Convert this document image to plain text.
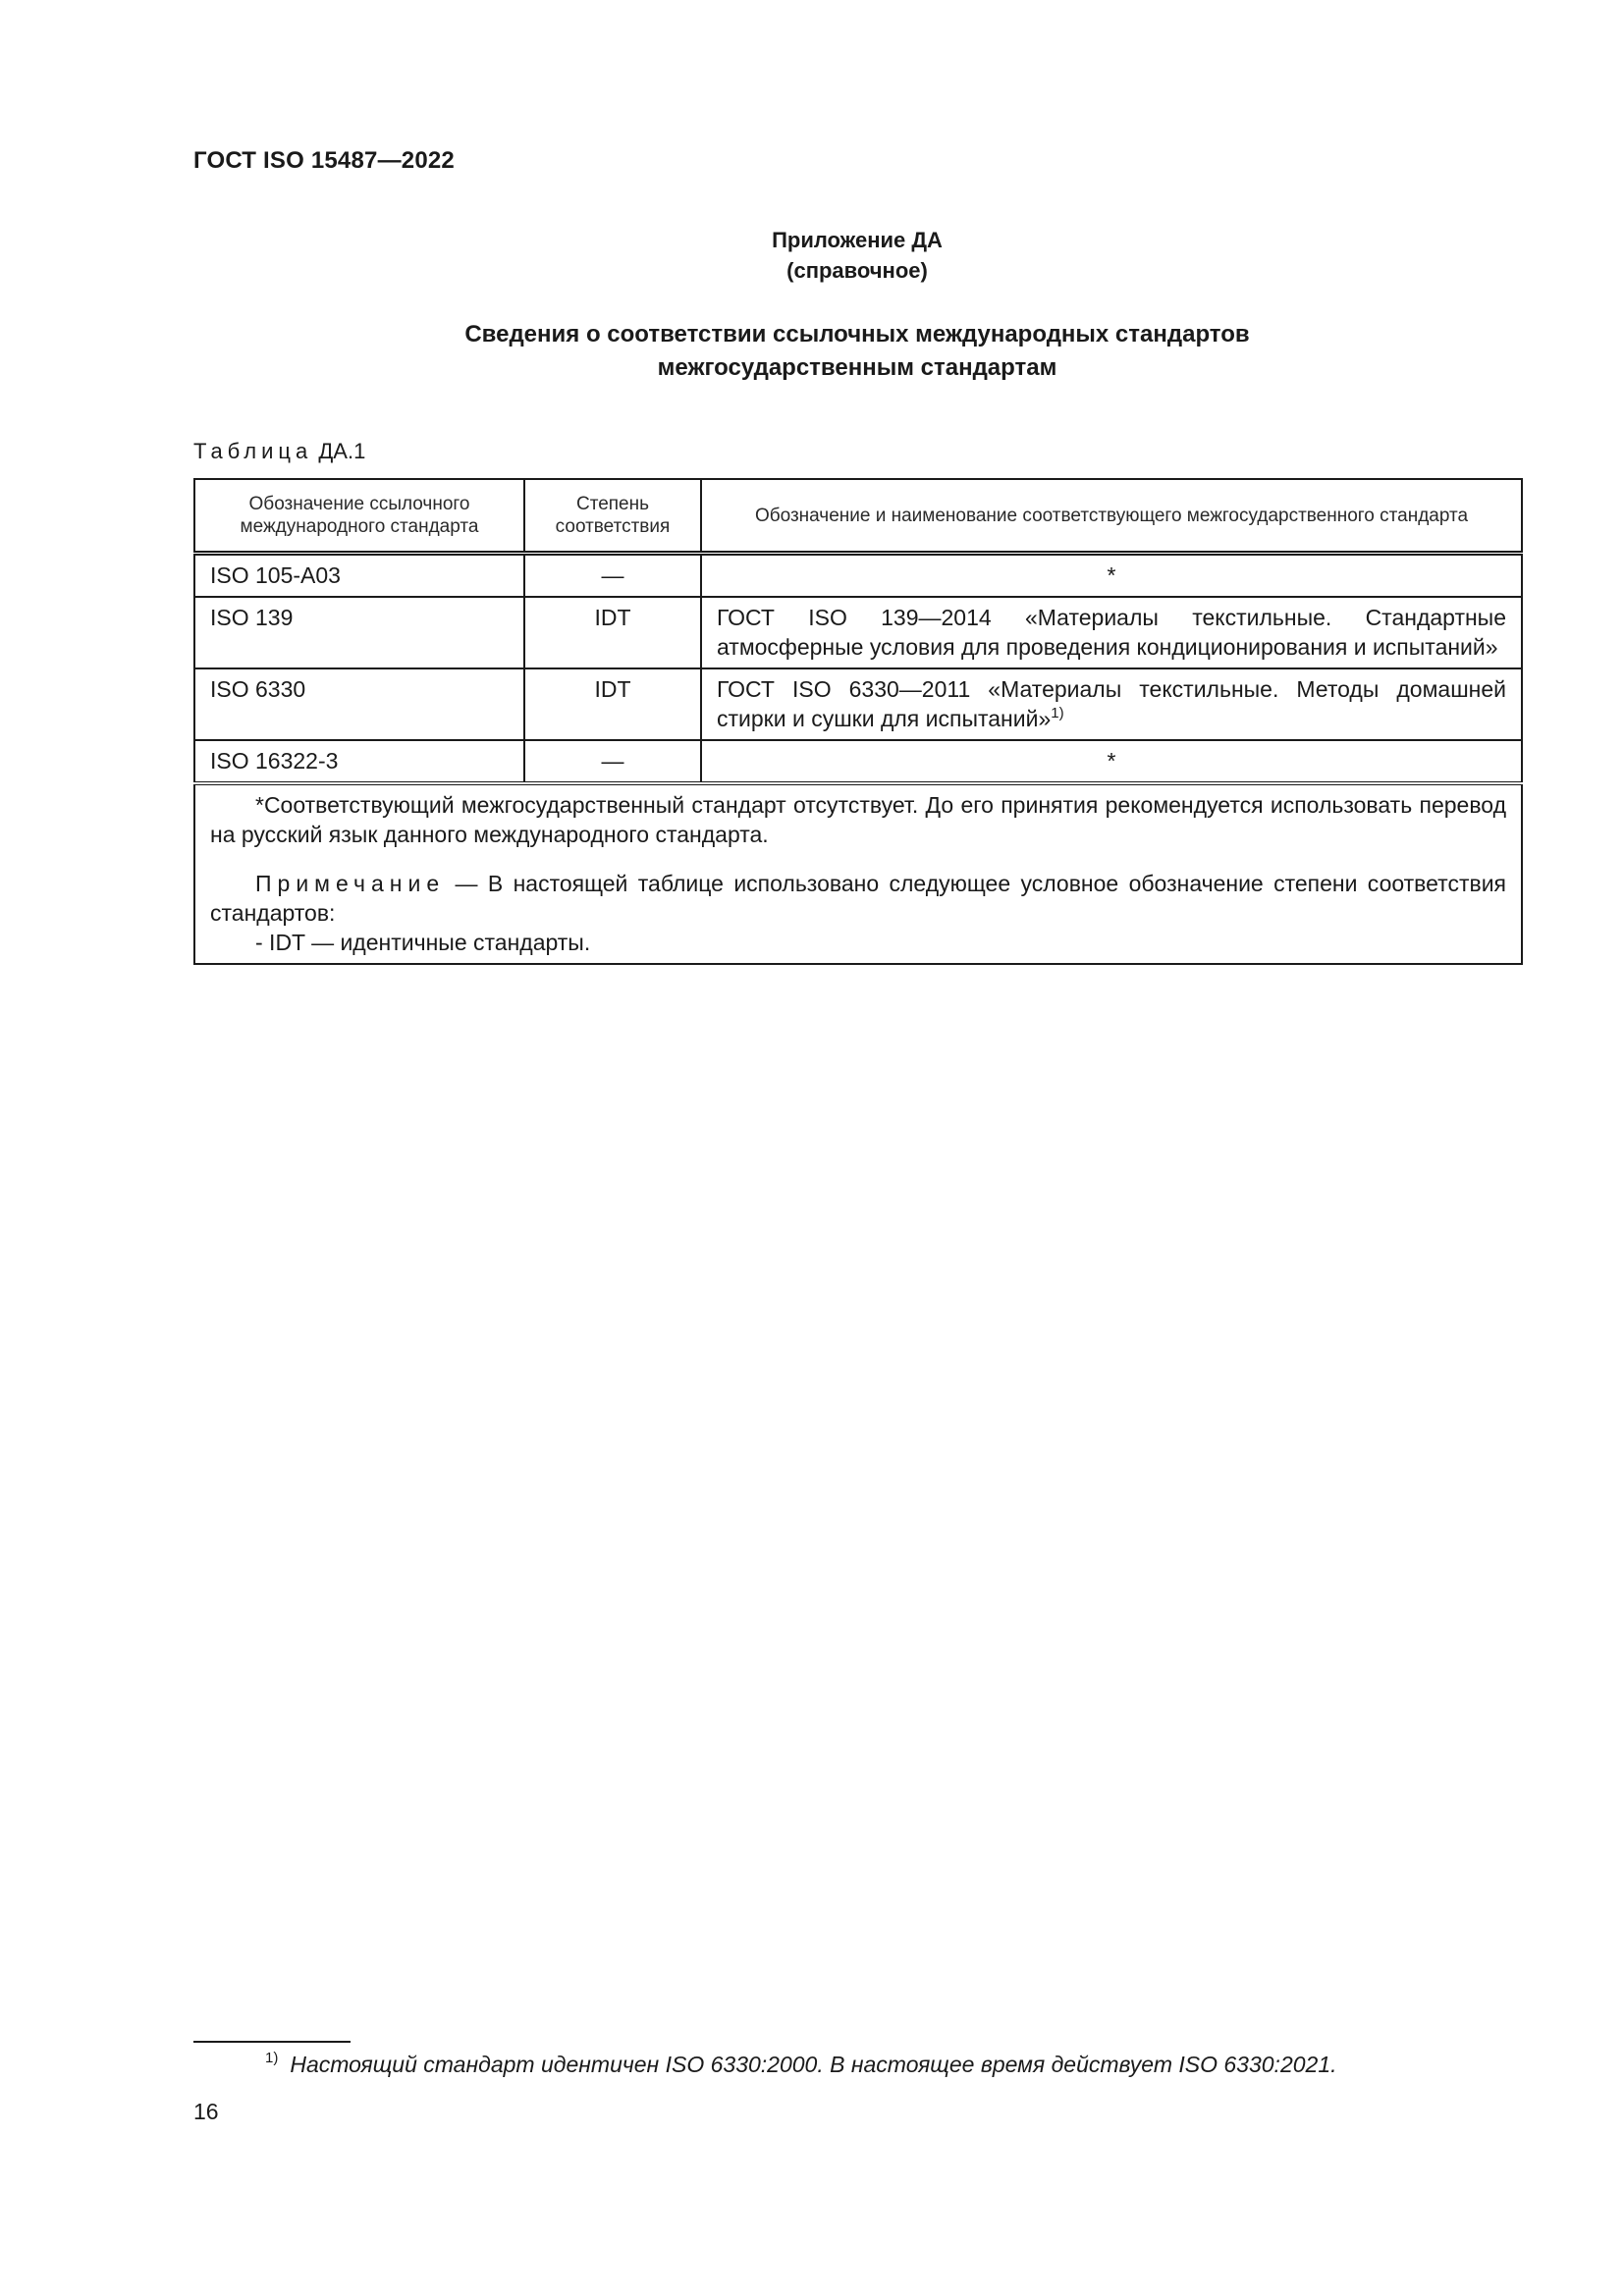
ГОСТ ISO 15487—2022
Приложение ДА
(справочное)
Сведения о соответствии ссылочных международных стандартов
межгосударственным стандартам
Таблица ДА.1
Обозначение ссылочного международного стандарта	Степень соответствия	Обозначение и наименование соответствующего межгосударственного стандарта
ISO 105-A03	—	*
ISO 139	IDT	ГОСТ ISO 139—2014 «Материалы текстильные. Стандартные атмосферные условия для проведения кондиционирования и испытаний»
ISO 6330	IDT	ГОСТ ISO 6330—2011 «Материалы текстильные. Методы домашней стирки и сушки для испытаний»$^{1)}$
ISO 16322-3	—	*

*Соответствующий межгосударственный стандарт отсутствует. До его принятия рекомендуется использовать перевод на русский язык данного международного стандарта.

Примечание — В настоящей таблице использовано следующее условное обозначение степени соответствия стандартов:

- IDT — идентичные стандарты.		

$^{1)}$ Настоящий стандарт идентичен ISO 6330:2000. В настоящее время действует ISO 6330:2021.
16
